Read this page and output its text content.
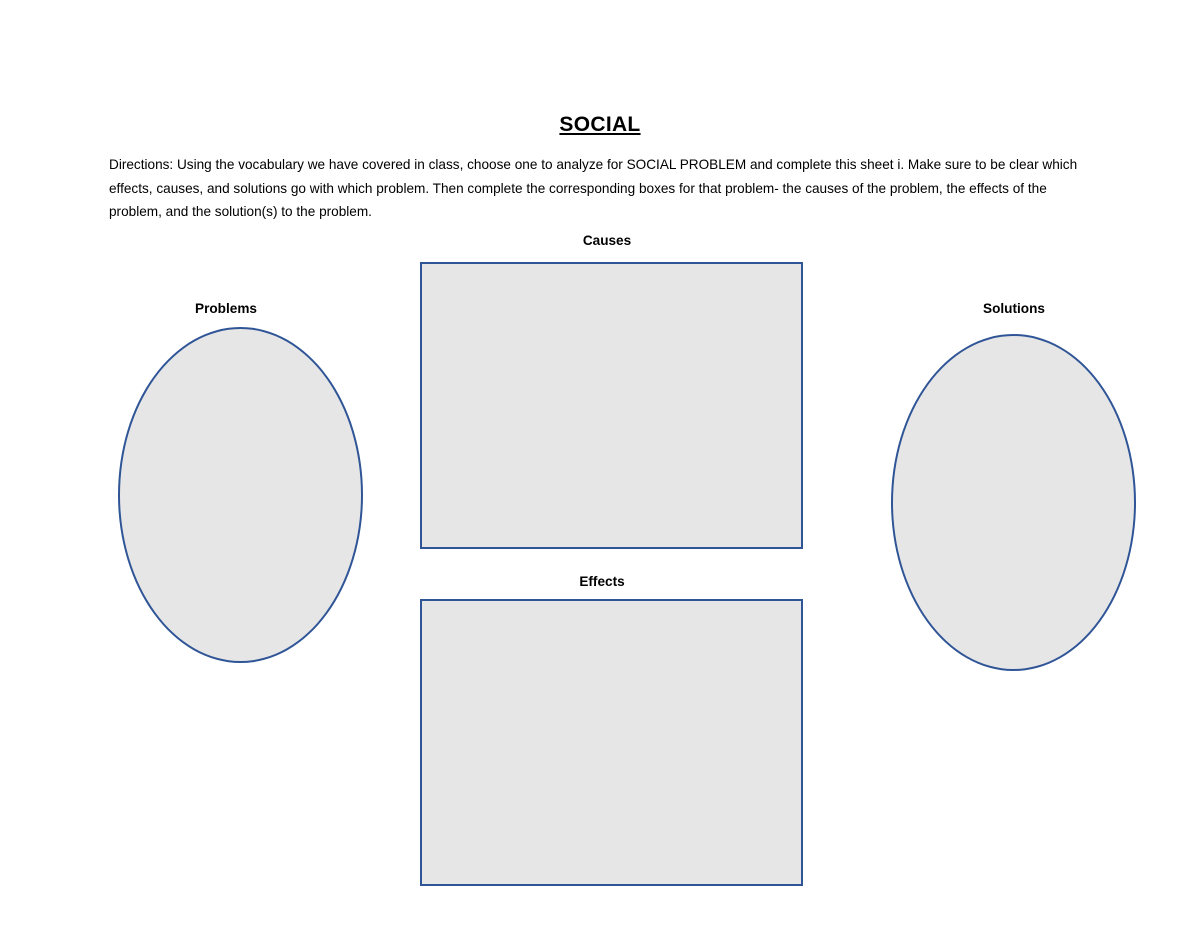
SOCIAL
Directions: Using the vocabulary we have covered in class, choose one to analyze for SOCIAL PROBLEM and complete this sheet i. Make sure to be clear which effects, causes, and solutions go with which problem. Then complete the corresponding boxes for that problem- the causes of the problem, the effects of the problem, and the solution(s) to the problem.
Causes
Problems	Solutions
Effects
